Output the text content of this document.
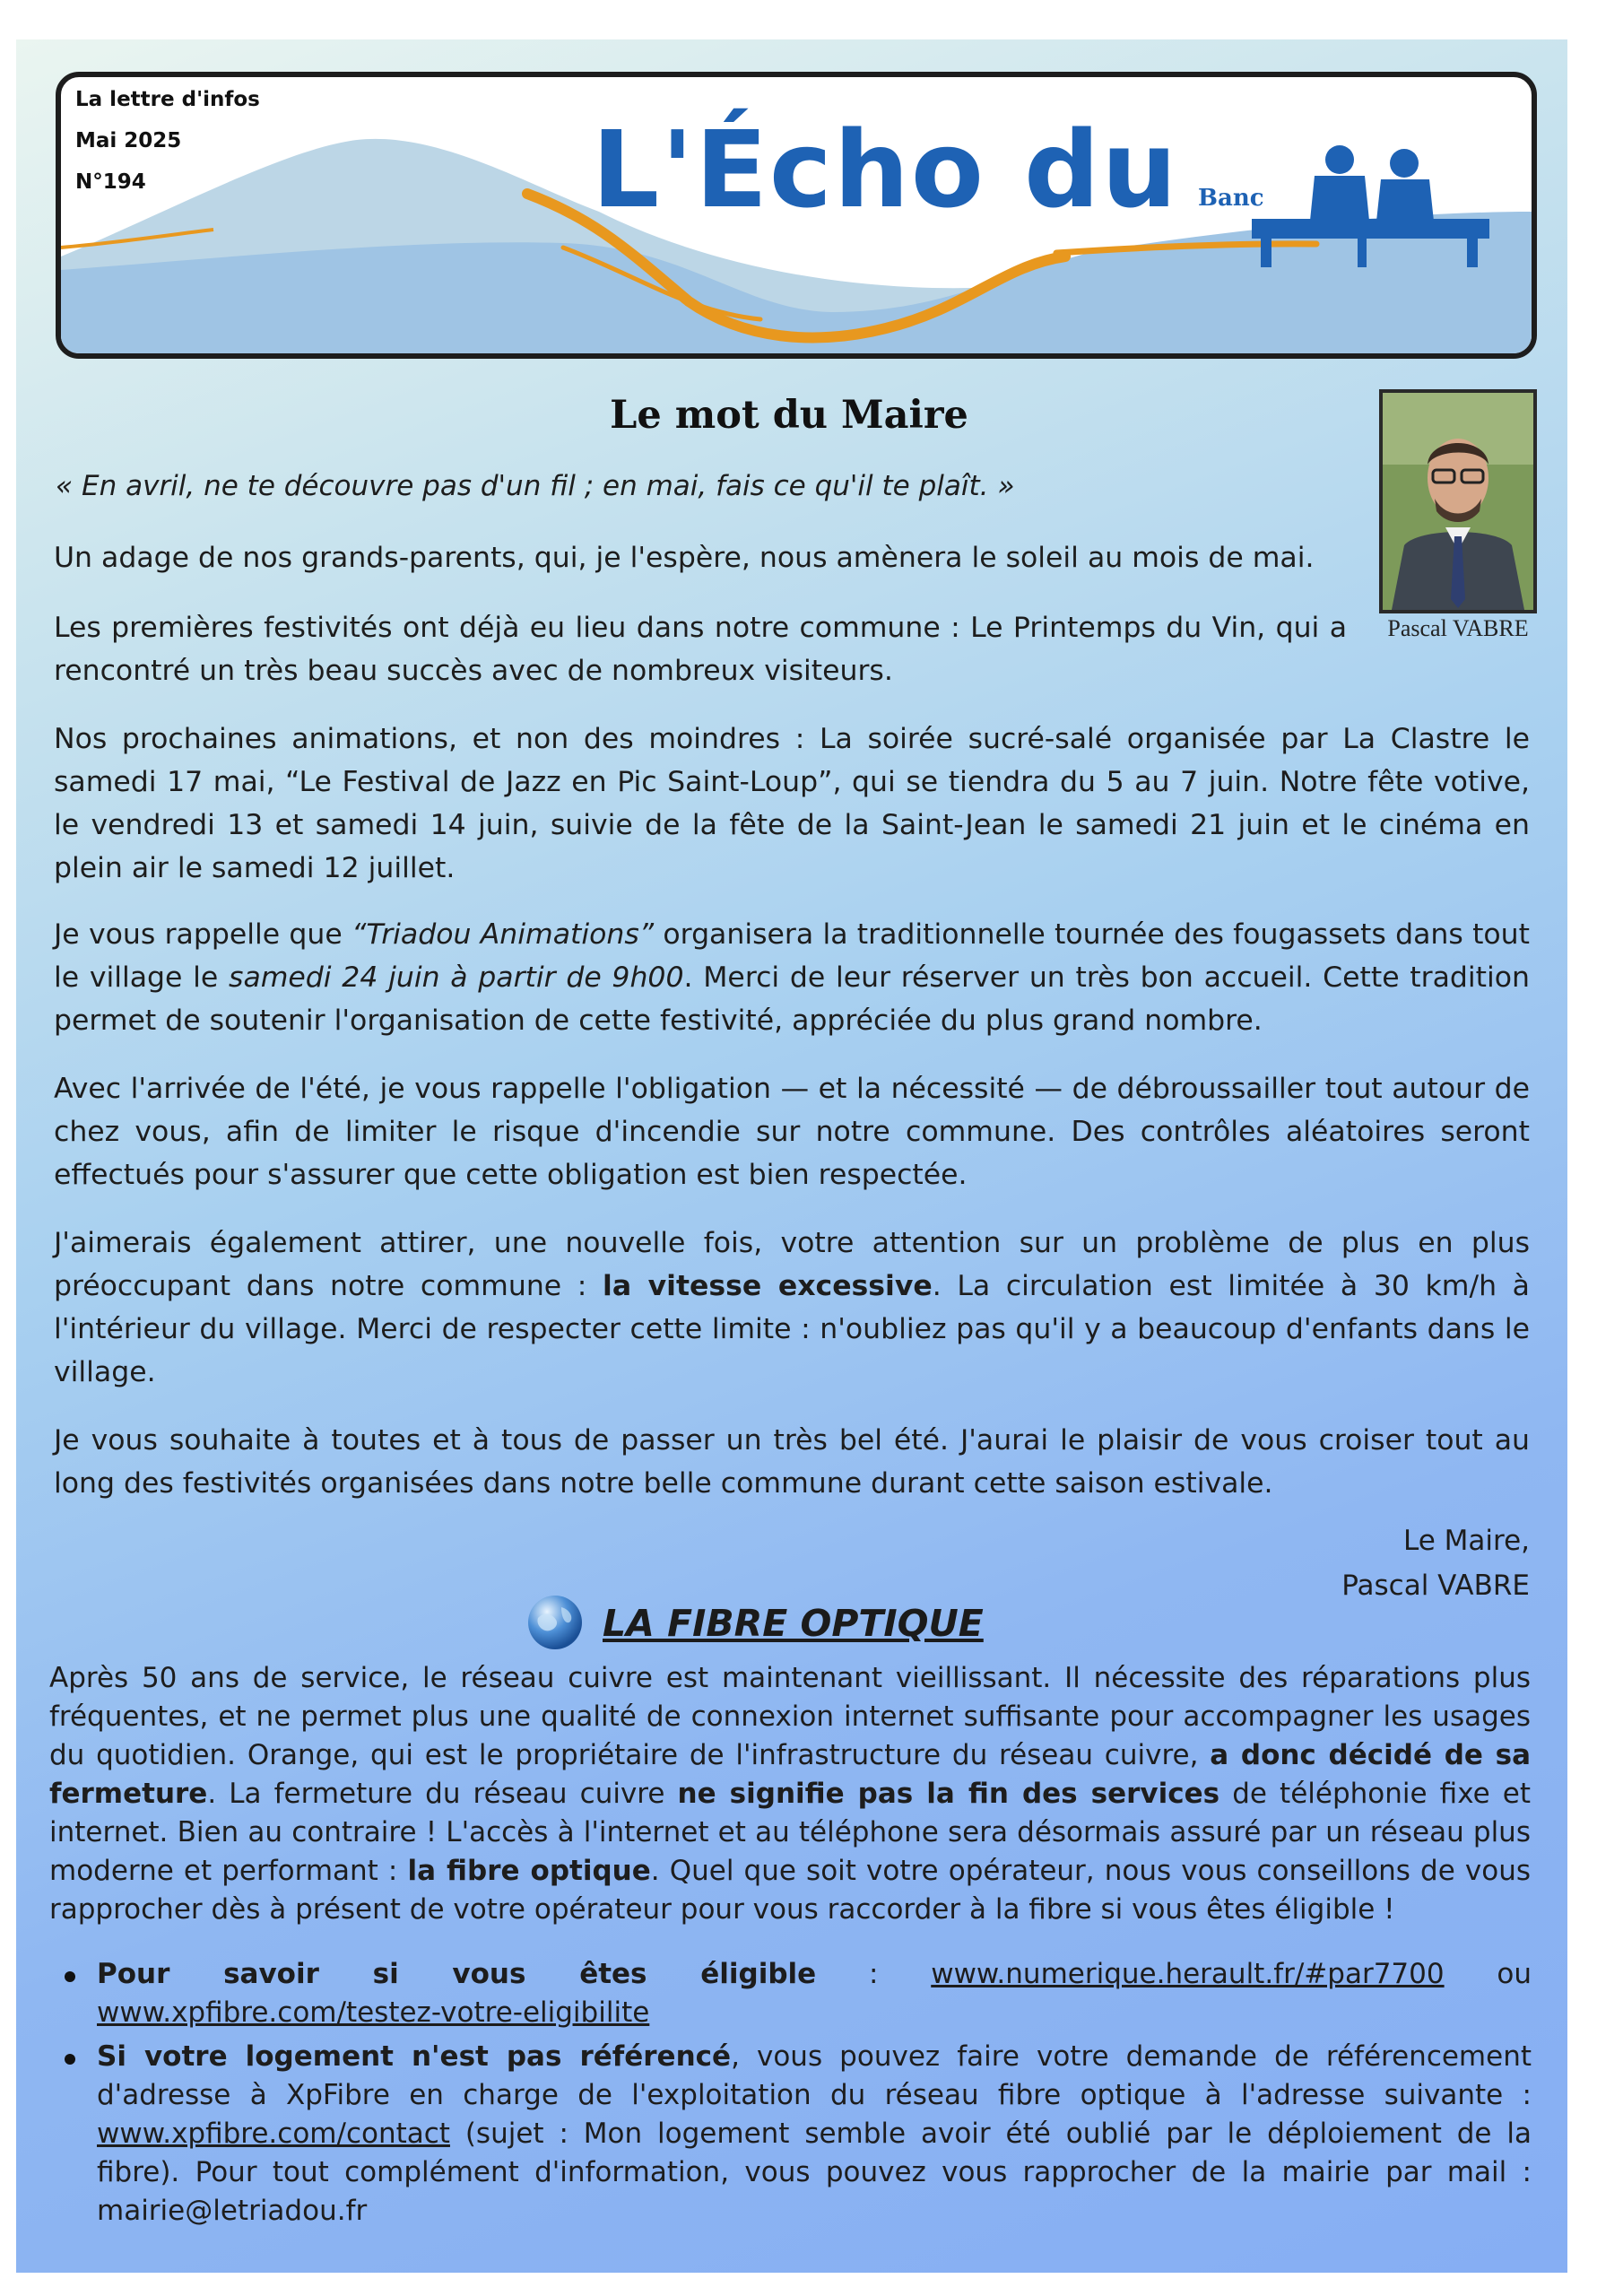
La lettre d'infos
Mai 2025
N°194	L'Écho du Banc
Le mot du Maire
Pascal VABRE
« En avril, ne te découvre pas d'un fil ; en mai, fais ce qu'il te plaît. »
Un adage de nos grands-parents, qui, je l'espère, nous amènera le soleil au mois de mai.
Les premières festivités ont déjà eu lieu dans notre commune : Le Printemps du Vin, qui a rencontré un très beau succès avec de nombreux visiteurs.
Nos prochaines animations, et non des moindres : La soirée sucré-salé organisée par La Clastre le samedi 17 mai, “Le Festival de Jazz en Pic Saint-Loup”, qui se tiendra du 5 au 7 juin. Notre fête votive, le vendredi 13 et samedi 14 juin, suivie de la fête de la Saint-Jean le samedi 21 juin et le cinéma en plein air le samedi 12 juillet.
Je vous rappelle que “Triadou Animations” organisera la traditionnelle tournée des fougassets dans tout le village le samedi 24 juin à partir de 9h00. Merci de leur réserver un très bon accueil. Cette tradition permet de soutenir l'organisation de cette festivité, appréciée du plus grand nombre.
Avec l'arrivée de l'été, je vous rappelle l'obligation — et la nécessité — de débroussailler tout autour de chez vous, afin de limiter le risque d'incendie sur notre commune. Des contrôles aléatoires seront effectués pour s'assurer que cette obligation est bien respectée.
J'aimerais également attirer, une nouvelle fois, votre attention sur un problème de plus en plus préoccupant dans notre commune : la vitesse excessive. La circulation est limitée à 30 km/h à l'intérieur du village. Merci de respecter cette limite : n'oubliez pas qu'il y a beaucoup d'enfants dans le village.
Je vous souhaite à toutes et à tous de passer un très bel été. J'aurai le plaisir de vous croiser tout au long des festivités organisées dans notre belle commune durant cette saison estivale.
Le Maire,
Pascal VABRE
LA FIBRE OPTIQUE
Après 50 ans de service, le réseau cuivre est maintenant vieillissant. Il nécessite des réparations plus fréquentes, et ne permet plus une qualité de connexion internet suffisante pour accompagner les usages du quotidien. Orange, qui est le propriétaire de l'infrastructure du réseau cuivre, a donc décidé de sa fermeture. La fermeture du réseau cuivre ne signifie pas la fin des services de téléphonie fixe et internet. Bien au contraire ! L'accès à l'internet et au téléphone sera désormais assuré par un réseau plus moderne et performant : la fibre optique. Quel que soit votre opérateur, nous vous conseillons de vous rapprocher dès à présent de votre opérateur pour vous raccorder à la fibre si vous êtes éligible !
Pour savoir si vous êtes éligible : www.numerique.herault.fr/#par7700 ou www.xpfibre.com/testez-votre-eligibilite
Si votre logement n'est pas référencé, vous pouvez faire votre demande de référencement d'adresse à XpFibre en charge de l'exploitation du réseau fibre optique à l'adresse suivante : www.xpfibre.com/contact (sujet : Mon logement semble avoir été oublié par le déploiement de la fibre). Pour tout complément d'information, vous pouvez vous rapprocher de la mairie par mail : mairie@letriadou.fr
